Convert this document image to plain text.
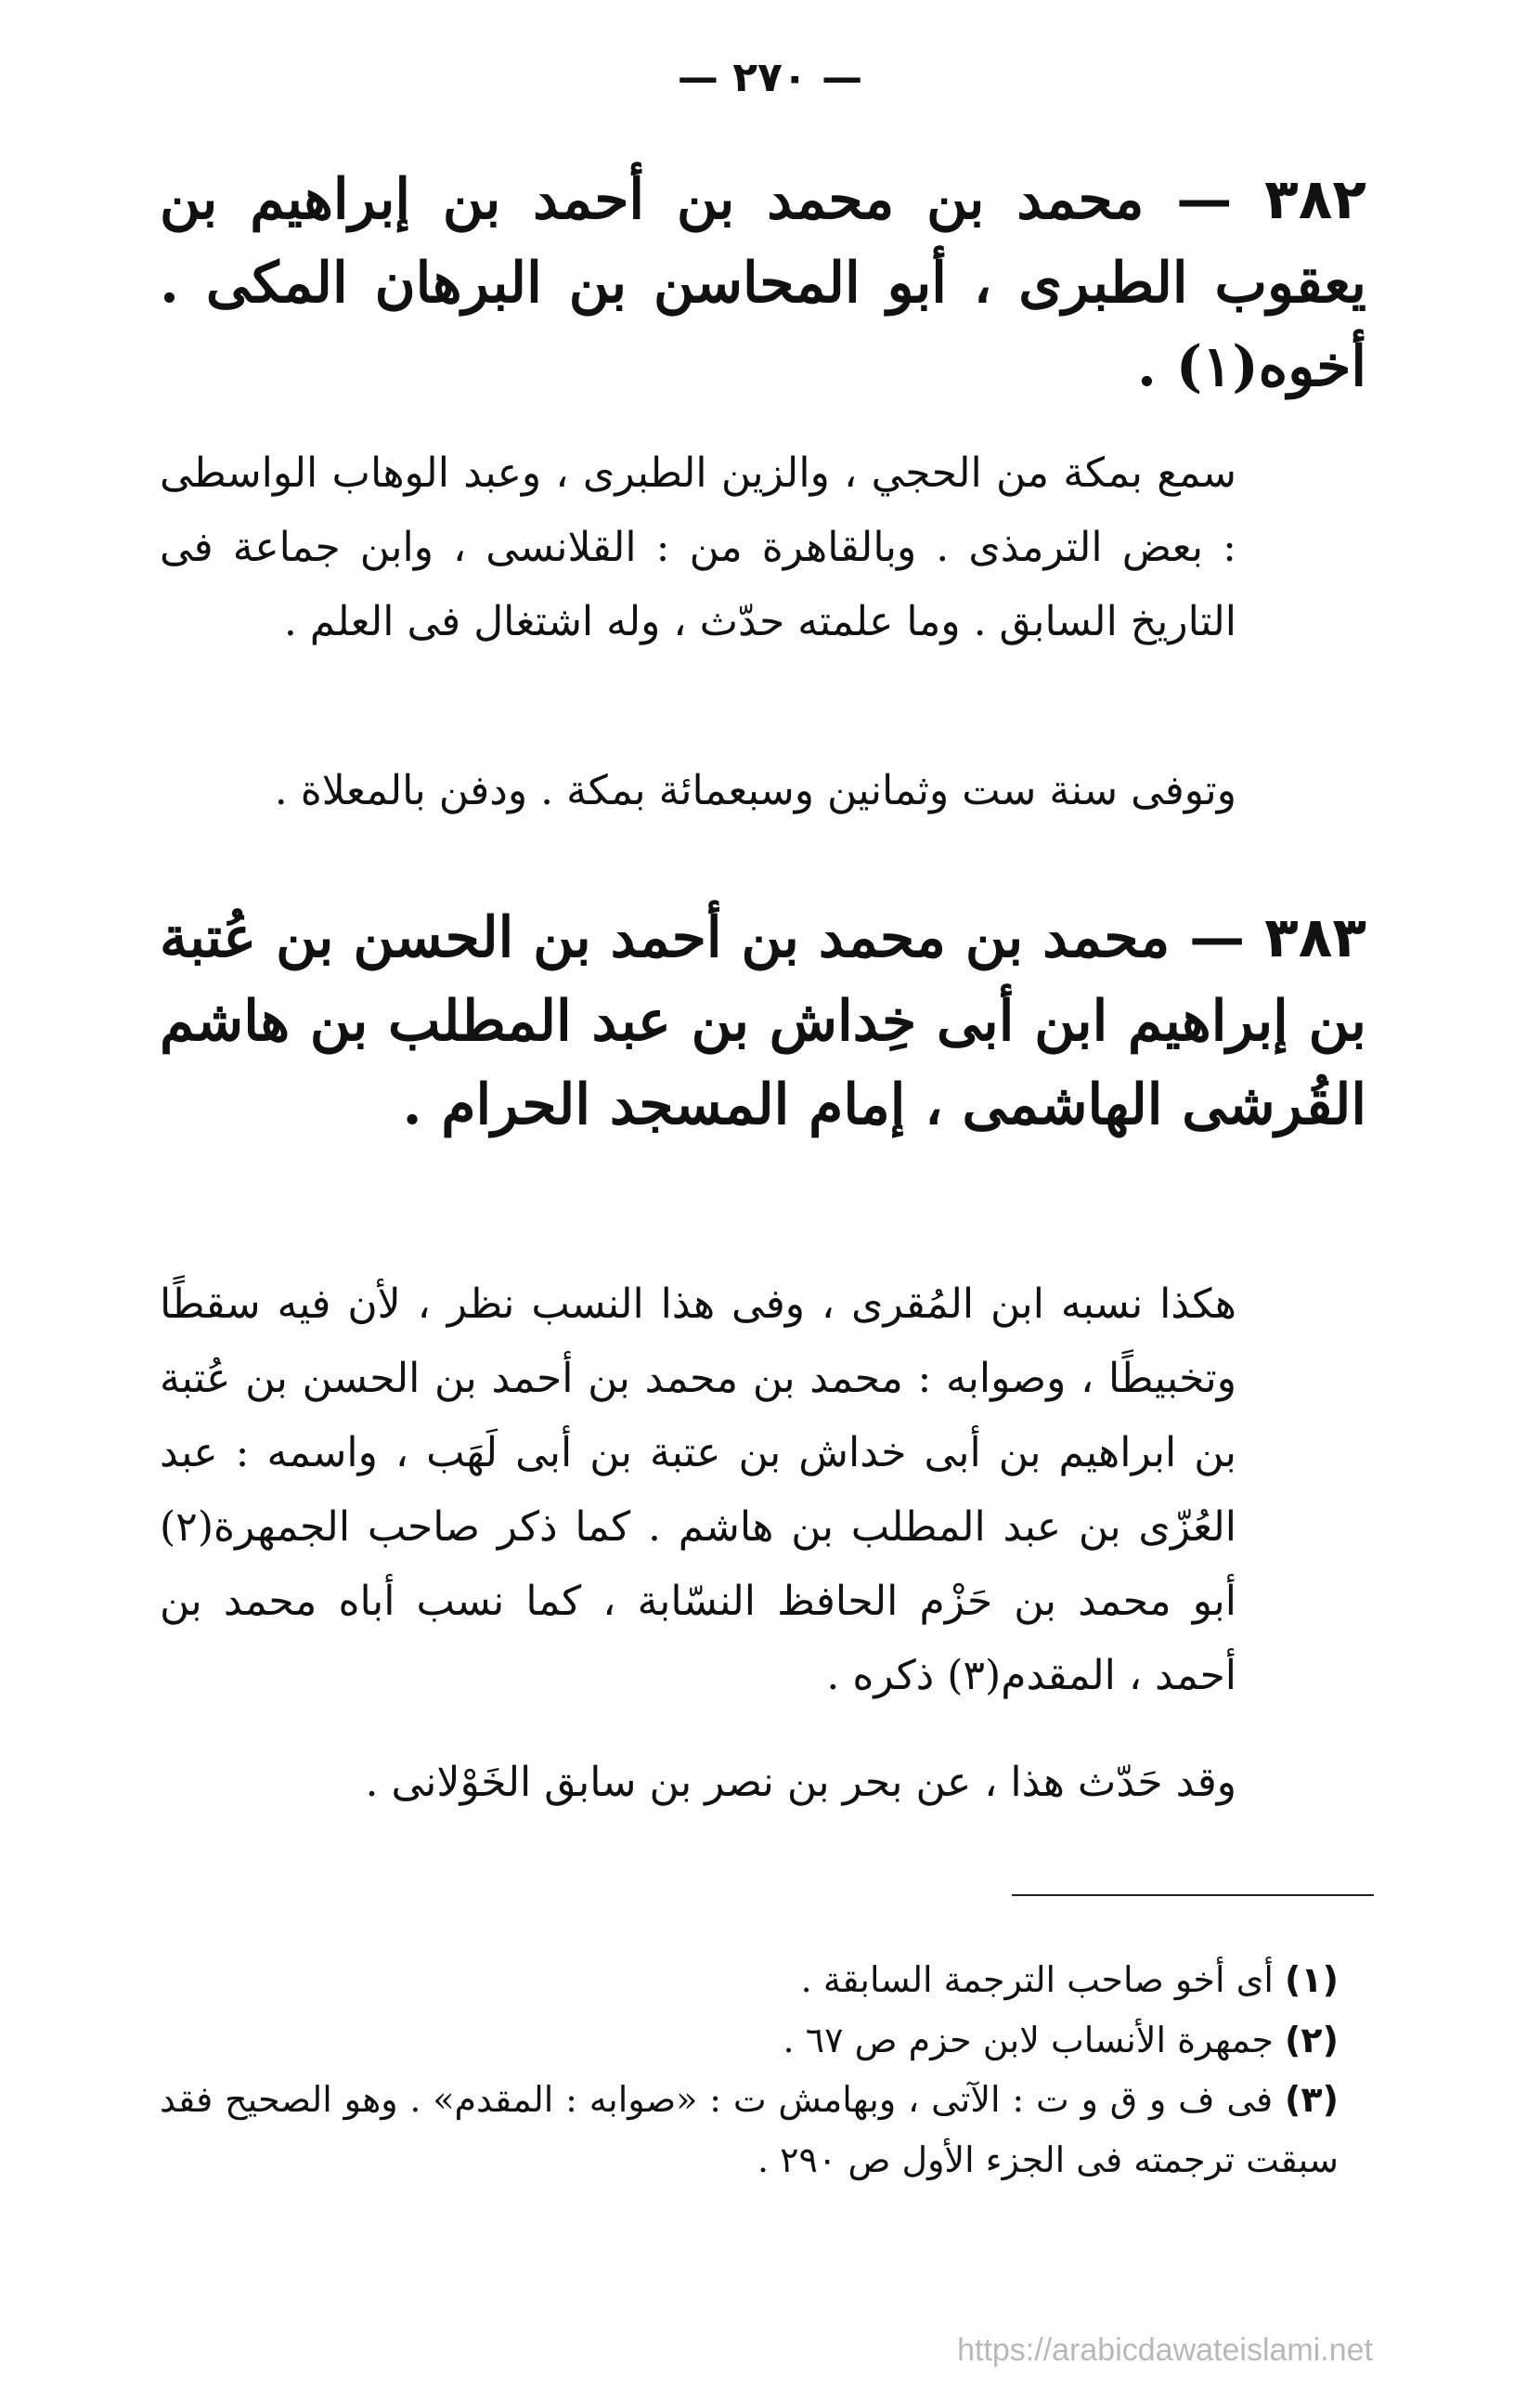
— ٢٧٠ —

٣٨٢ — محمد بن محمد بن أحمد بن إبراهيم بن يعقوب الطبرى ، أبو المحاسن بن البرهان المكى . أخوه(١) .

سمع بمكة من الحجي ، والزين الطبرى ، وعبد الوهاب الواسطى : بعض الترمذى . وبالقاهرة من : القلانسى ، وابن جماعة فى التاريخ السابق . وما علمته حدّث ، وله اشتغال فى العلم .

وتوفى سنة ست وثمانين وسبعمائة بمكة . ودفن بالمعلاة .

٣٨٣ — محمد بن محمد بن أحمد بن الحسن بن عُتبة بن إبراهيم ابن أبى خِداش بن عبد المطلب بن هاشم القُرشى الهاشمى ، إمام المسجد الحرام .

هكذا نسبه ابن المُقرى ، وفى هذا النسب نظر ، لأن فيه سقطًا وتخبيطًا ، وصوابه : محمد بن محمد بن أحمد بن الحسن بن عُتبة بن ابراهيم بن أبى خداش بن عتبة بن أبى لَهَب ، واسمه : عبد العُزّى بن عبد المطلب بن هاشم . كما ذكر صاحب الجمهرة(٢) أبو محمد بن حَزْم الحافظ النسّابة ، كما نسب أباه محمد بن أحمد ، المقدم(٣) ذكره .

وقد حَدّث هذا ، عن بحر بن نصر بن سابق الخَوْلانى .

(١) أى أخو صاحب الترجمة السابقة .

(٢) جمهرة الأنساب لابن حزم ص ٦٧ .

(٣) فى ف و ق و ت : الآتى ، وبهامش ت : «صوابه : المقدم» . وهو الصحيح فقد سبقت ترجمته فى الجزء الأول ص ٢٩٠ .

https://arabicdawateislami.net
